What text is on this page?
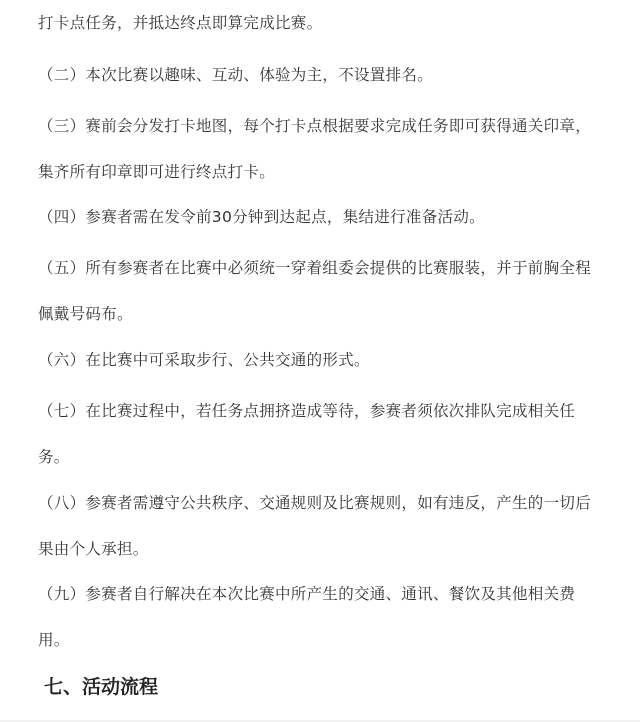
打卡点任务，并抵达终点即算完成比赛。

（二）本次比赛以趣味、互动、体验为主，不设置排名。

（三）赛前会分发打卡地图，每个打卡点根据要求完成任务即可获得通关印章，集齐所有印章即可进行终点打卡。

（四）参赛者需在发令前30分钟到达起点，集结进行准备活动。

（五）所有参赛者在比赛中必须统一穿着组委会提供的比赛服装，并于前胸全程佩戴号码布。

（六）在比赛中可采取步行、公共交通的形式。

（七）在比赛过程中，若任务点拥挤造成等待，参赛者须依次排队完成相关任务。

（八）参赛者需遵守公共秩序、交通规则及比赛规则，如有违反，产生的一切后果由个人承担。

（九）参赛者自行解决在本次比赛中所产生的交通、通讯、餐饮及其他相关费用。

七、活动流程
